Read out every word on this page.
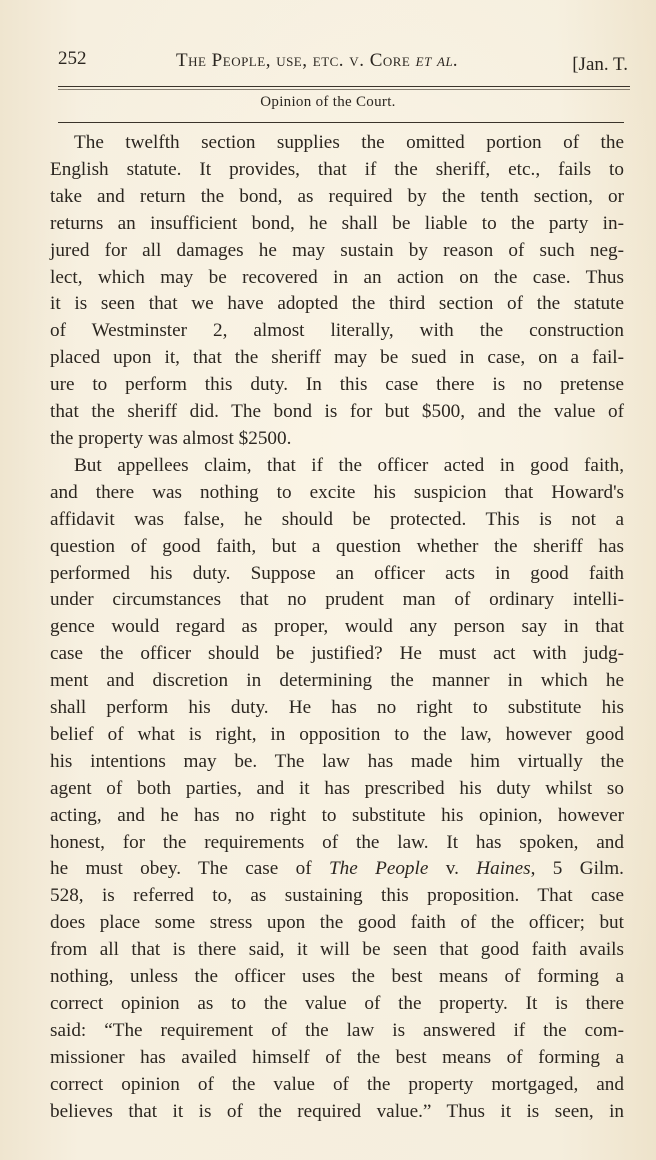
252	The People, use, etc. v. Core et al.	[Jan. T.
Opinion of the Court.
The twelfth section supplies the omitted portion of the
English statute. It provides, that if the sheriff, etc., fails to
take and return the bond, as required by the tenth section, or
returns an insufficient bond, he shall be liable to the party in-
jured for all damages he may sustain by reason of such neg-
lect, which may be recovered in an action on the case. Thus
it is seen that we have adopted the third section of the statute
of Westminster 2, almost literally, with the construction
placed upon it, that the sheriff may be sued in case, on a fail-
ure to perform this duty. In this case there is no pretense
that the sheriff did. The bond is for but $500, and the value of
the property was almost $2500.
But appellees claim, that if the officer acted in good faith,
and there was nothing to excite his suspicion that Howard's
affidavit was false, he should be protected. This is not a
question of good faith, but a question whether the sheriff has
performed his duty. Suppose an officer acts in good faith
under circumstances that no prudent man of ordinary intelli-
gence would regard as proper, would any person say in that
case the officer should be justified? He must act with judg-
ment and discretion in determining the manner in which he
shall perform his duty. He has no right to substitute his
belief of what is right, in opposition to the law, however good
his intentions may be. The law has made him virtually the
agent of both parties, and it has prescribed his duty whilst so
acting, and he has no right to substitute his opinion, however
honest, for the requirements of the law. It has spoken, and
he must obey. The case of The People v. Haines, 5 Gilm.
528, is referred to, as sustaining this proposition. That case
does place some stress upon the good faith of the officer; but
from all that is there said, it will be seen that good faith avails
nothing, unless the officer uses the best means of forming a
correct opinion as to the value of the property. It is there
said: “The requirement of the law is answered if the com-
missioner has availed himself of the best means of forming a
correct opinion of the value of the property mortgaged, and
believes that it is of the required value.” Thus it is seen, in
